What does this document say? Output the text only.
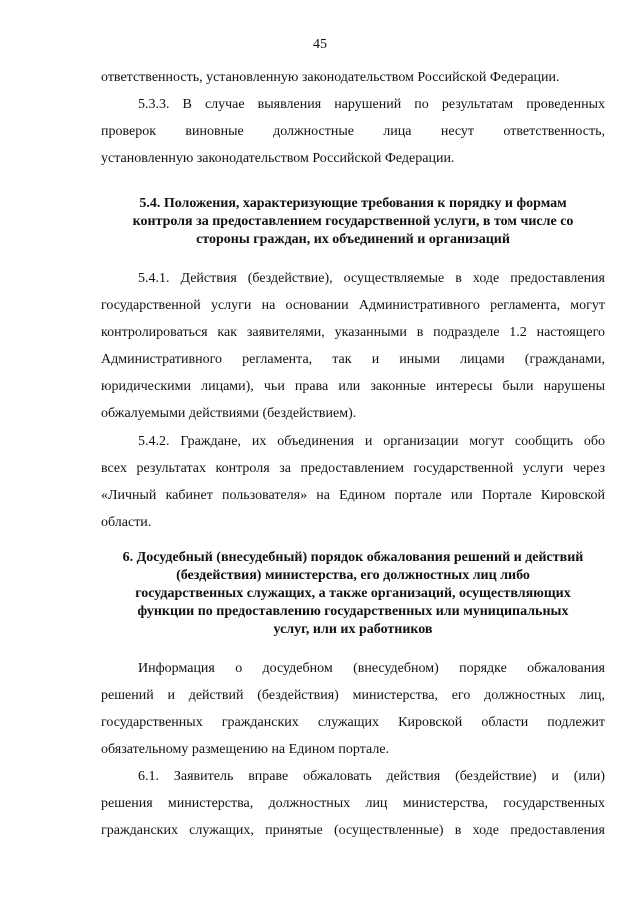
45

ответственность, установленную законодательством Российской Федерации.

5.3.3. В случае выявления нарушений по результатам проведенных

проверок виновные должностные лица несут ответственность,

установленную законодательством Российской Федерации.

5.4. Положения, характеризующие требования к порядку и формам

контроля за предоставлением государственной услуги, в том числе со

стороны граждан, их объединений и организаций

5.4.1. Действия (бездействие), осуществляемые в ходе предоставления

государственной услуги на основании Административного регламента, могут

контролироваться как заявителями, указанными в подразделе 1.2 настоящего

Административного регламента, так и иными лицами (гражданами,

юридическими лицами), чьи права или законные интересы были нарушены

обжалуемыми действиями (бездействием).

5.4.2. Граждане, их объединения и организации могут сообщить обо

всех результатах контроля за предоставлением государственной услуги через

«Личный кабинет пользователя» на Едином портале или Портале Кировской

области.

6. Досудебный (внесудебный) порядок обжалования решений и действий

(бездействия) министерства, его должностных лиц либо

государственных служащих, а также организаций, осуществляющих

функции по предоставлению государственных или муниципальных

услуг, или их работников

Информация о досудебном (внесудебном) порядке обжалования

решений и действий (бездействия) министерства, его должностных лиц,

государственных гражданских служащих Кировской области подлежит

обязательному размещению на Едином портале.

6.1. Заявитель вправе обжаловать действия (бездействие) и (или)

решения министерства, должностных лиц министерства, государственных

гражданских служащих, принятые (осуществленные) в ходе предоставления
